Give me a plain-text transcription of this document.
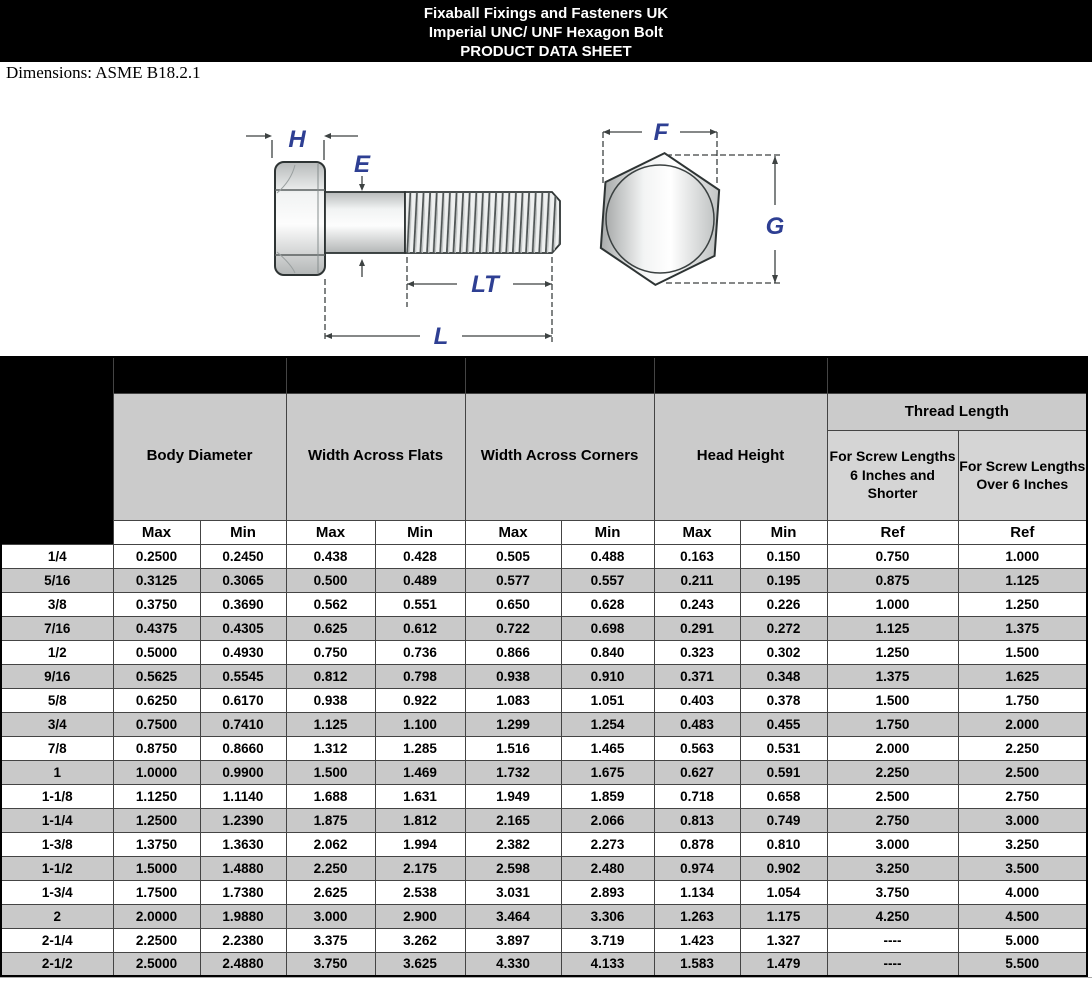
Fixaball Fixings and Fasteners UK
Imperial UNC/ UNF Hexagon Bolt
PRODUCT DATA SHEET
Dimensions: ASME B18.2.1
H
E
LT
L
F
G
Nominal Size or Basic Product Diameter	E		F		G		H		LT	
	Body Diameter		Width Across Flats		Width Across Corners		Head Height		Thread Length	
									For Screw Lengths 6 Inches and Shorter	For Screw Lengths Over 6 Inches
	Max	Min	Max	Min	Max	Min	Max	Min	Ref	Ref
1/4	0.2500	0.2450	0.438	0.428	0.505	0.488	0.163	0.150	0.750	1.000
5/16	0.3125	0.3065	0.500	0.489	0.577	0.557	0.211	0.195	0.875	1.125
3/8	0.3750	0.3690	0.562	0.551	0.650	0.628	0.243	0.226	1.000	1.250
7/16	0.4375	0.4305	0.625	0.612	0.722	0.698	0.291	0.272	1.125	1.375
1/2	0.5000	0.4930	0.750	0.736	0.866	0.840	0.323	0.302	1.250	1.500
9/16	0.5625	0.5545	0.812	0.798	0.938	0.910	0.371	0.348	1.375	1.625
5/8	0.6250	0.6170	0.938	0.922	1.083	1.051	0.403	0.378	1.500	1.750
3/4	0.7500	0.7410	1.125	1.100	1.299	1.254	0.483	0.455	1.750	2.000
7/8	0.8750	0.8660	1.312	1.285	1.516	1.465	0.563	0.531	2.000	2.250
1	1.0000	0.9900	1.500	1.469	1.732	1.675	0.627	0.591	2.250	2.500
1-1/8	1.1250	1.1140	1.688	1.631	1.949	1.859	0.718	0.658	2.500	2.750
1-1/4	1.2500	1.2390	1.875	1.812	2.165	2.066	0.813	0.749	2.750	3.000
1-3/8	1.3750	1.3630	2.062	1.994	2.382	2.273	0.878	0.810	3.000	3.250
1-1/2	1.5000	1.4880	2.250	2.175	2.598	2.480	0.974	0.902	3.250	3.500
1-3/4	1.7500	1.7380	2.625	2.538	3.031	2.893	1.134	1.054	3.750	4.000
2	2.0000	1.9880	3.000	2.900	3.464	3.306	1.263	1.175	4.250	4.500
2-1/4	2.2500	2.2380	3.375	3.262	3.897	3.719	1.423	1.327	----	5.000
2-1/2	2.5000	2.4880	3.750	3.625	4.330	4.133	1.583	1.479	----	5.500
